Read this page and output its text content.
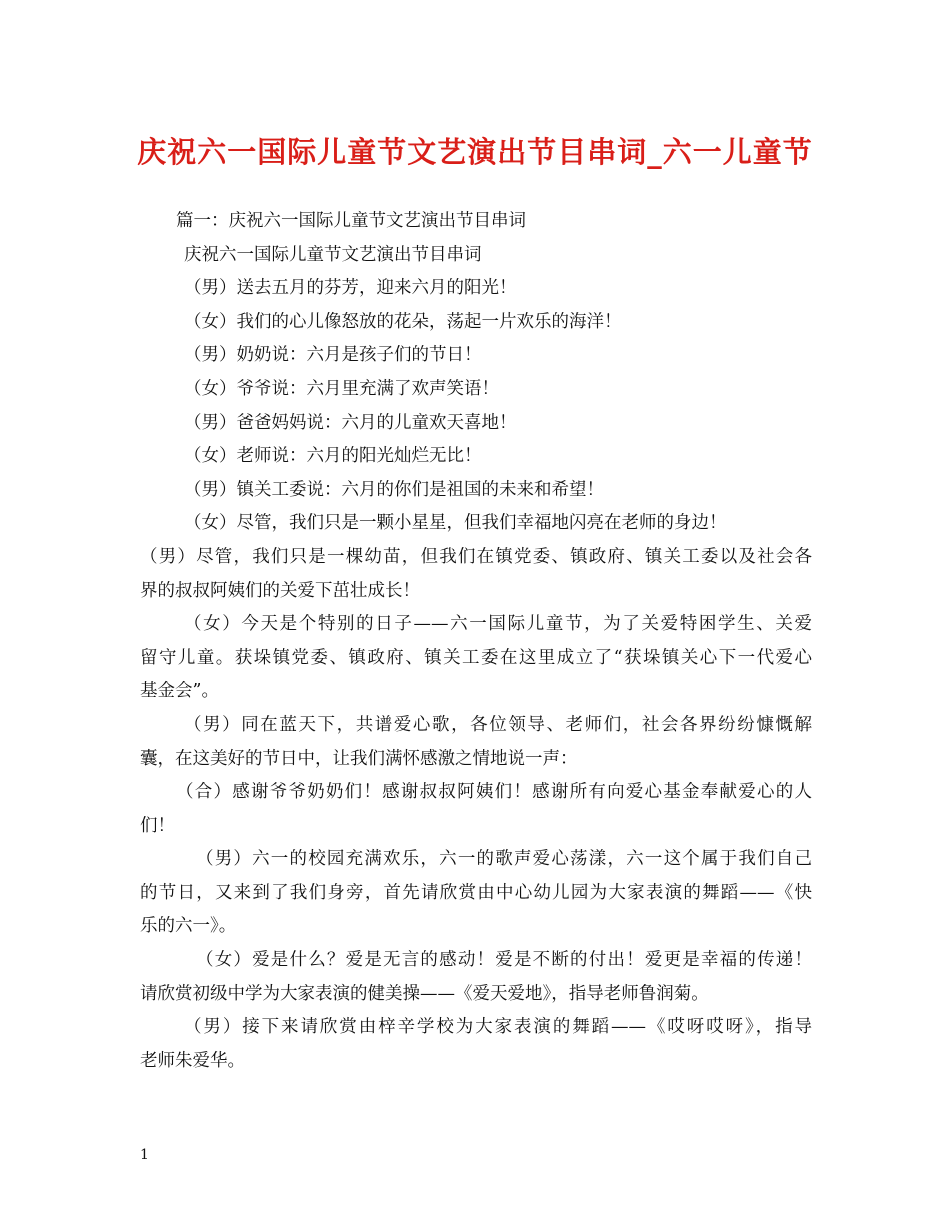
庆祝六一国际儿童节文艺演出节目串词_六一儿童节
篇一：庆祝六一国际儿童节文艺演出节目串词
庆祝六一国际儿童节文艺演出节目串词
（男）送去五月的芬芳，迎来六月的阳光！
（女）我们的心儿像怒放的花朵，荡起一片欢乐的海洋！
（男）奶奶说：六月是孩子们的节日！
（女）爷爷说：六月里充满了欢声笑语！
（男）爸爸妈妈说：六月的儿童欢天喜地！
（女）老师说：六月的阳光灿烂无比！
（男）镇关工委说：六月的你们是祖国的未来和希望！
（女）尽管，我们只是一颗小星星，但我们幸福地闪亮在老师的身边！
（男）尽管，我们只是一棵幼苗，但我们在镇党委、镇政府、镇关工委以及社会各
界的叔叔阿姨们的关爱下茁壮成长！
（女）今天是个特别的日子——六一国际儿童节，为了关爱特困学生、关爱
留守儿童。获垛镇党委、镇政府、镇关工委在这里成立了“获垛镇关心下一代爱心
基金会”。
（男）同在蓝天下，共谱爱心歌，各位领导、老师们，社会各界纷纷慷慨解
囊，在这美好的节日中，让我们满怀感激之情地说一声：
（合）感谢爷爷奶奶们！感谢叔叔阿姨们！感谢所有向爱心基金奉献爱心的人
们！
（男）六一的校园充满欢乐，六一的歌声爱心荡漾，六一这个属于我们自己
的节日，又来到了我们身旁，首先请欣赏由中心幼儿园为大家表演的舞蹈——《快
乐的六一》。
（女）爱是什么？爱是无言的感动！爱是不断的付出！爱更是幸福的传递！
请欣赏初级中学为大家表演的健美操——《爱天爱地》，指导老师鲁润菊。
（男）接下来请欣赏由梓辛学校为大家表演的舞蹈——《哎呀哎呀》，指导
老师朱爱华。
1
